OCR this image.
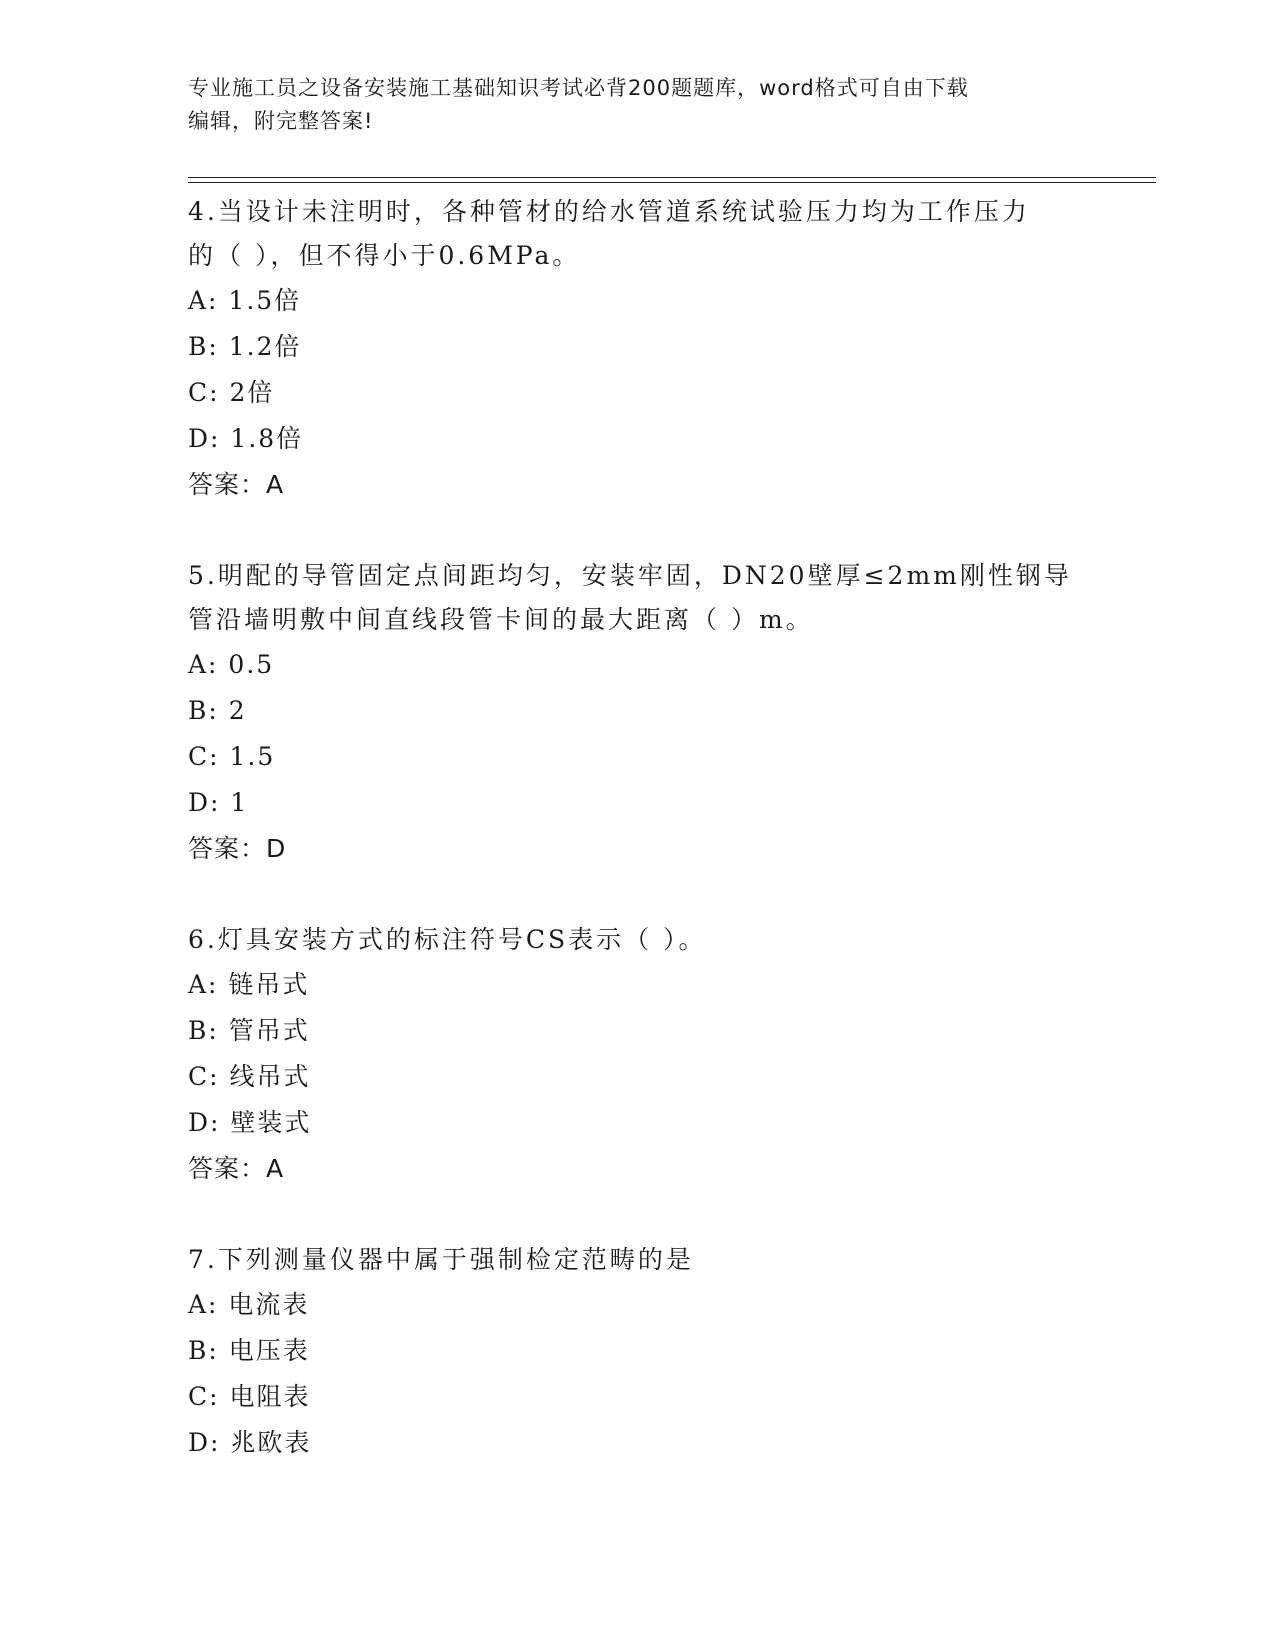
专业施工员之设备安装施工基础知识考试必背200题题库，word格式可自由下载
编辑，附完整答案!

4.当设计未注明时，各种管材的给水管道系统试验压力均为工作压力

的（ ），但不得小于0.6MPa。

A: 1.5倍

B: 1.2倍

C: 2倍

D: 1.8倍

答案：A

5.明配的导管固定点间距均匀，安装牢固，DN20壁厚≤2mm刚性钢导

管沿墙明敷中间直线段管卡间的最大距离（ ）m。

A: 0.5

B: 2

C: 1.5

D: 1

答案：D

6.灯具安装方式的标注符号CS表示（ ）。

A: 链吊式

B: 管吊式

C: 线吊式

D: 壁装式

答案：A

7.下列测量仪器中属于强制检定范畴的是

A: 电流表

B: 电压表

C: 电阻表

D: 兆欧表
